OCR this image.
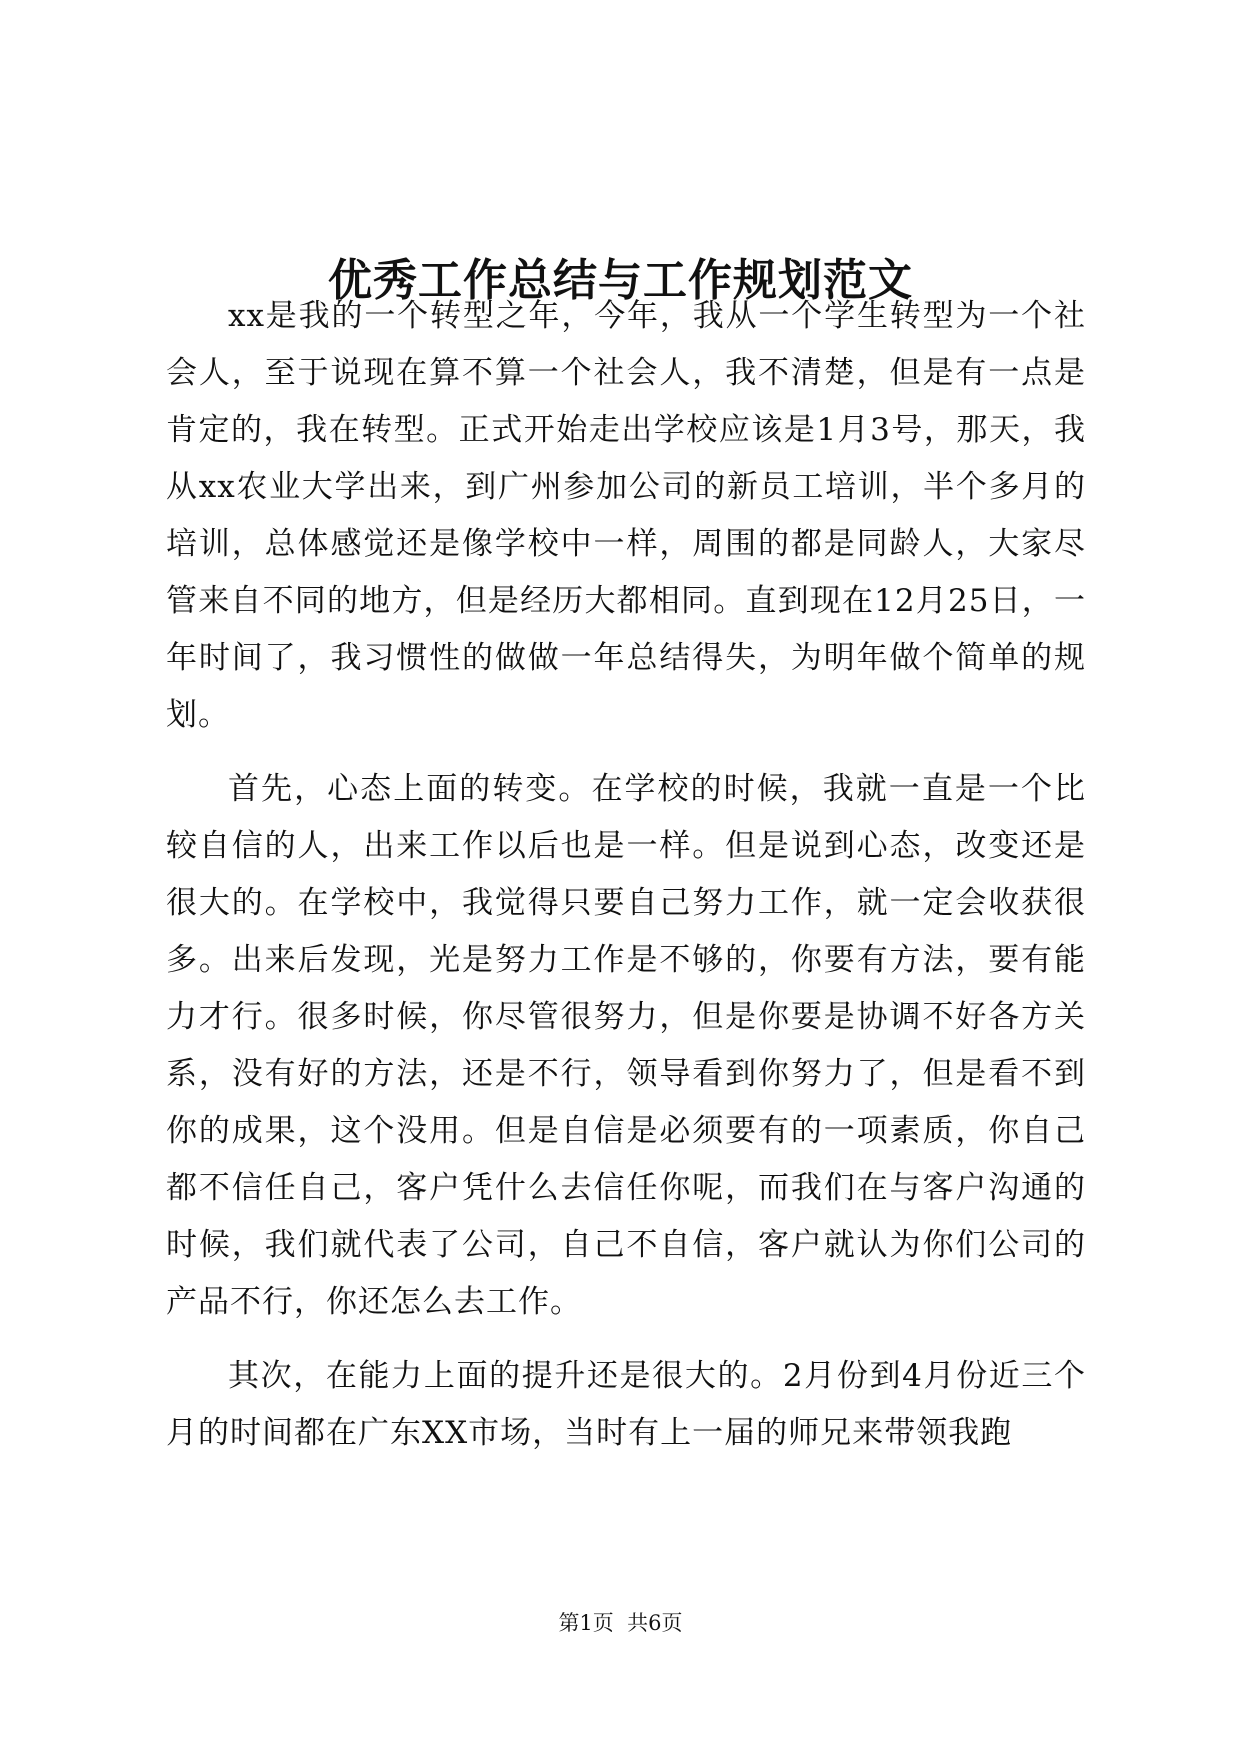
优秀工作总结与工作规划范文

xx是我的一个转型之年，今年，我从一个学生转型为一个社会人，至于说现在算不算一个社会人，我不清楚，但是有一点是肯定的，我在转型。正式开始走出学校应该是1月3号，那天，我从xx农业大学出来，到广州参加公司的新员工培训，半个多月的培训，总体感觉还是像学校中一样，周围的都是同龄人，大家尽管来自不同的地方，但是经历大都相同。直到现在12月25日，一年时间了，我习惯性的做做一年总结得失，为明年做个简单的规划。

首先，心态上面的转变。在学校的时候，我就一直是一个比较自信的人，出来工作以后也是一样。但是说到心态，改变还是很大的。在学校中，我觉得只要自己努力工作，就一定会收获很多。出来后发现，光是努力工作是不够的，你要有方法，要有能力才行。很多时候，你尽管很努力，但是你要是协调不好各方关系，没有好的方法，还是不行，领导看到你努力了，但是看不到你的成果，这个没用。但是自信是必须要有的一项素质，你自己都不信任自己，客户凭什么去信任你呢，而我们在与客户沟通的时候，我们就代表了公司，自己不自信，客户就认为你们公司的产品不行，你还怎么去工作。

其次，在能力上面的提升还是很大的。2月份到4月份近三个月的时间都在广东XX市场，当时有上一届的师兄来带领我跑

第1页 共6页
